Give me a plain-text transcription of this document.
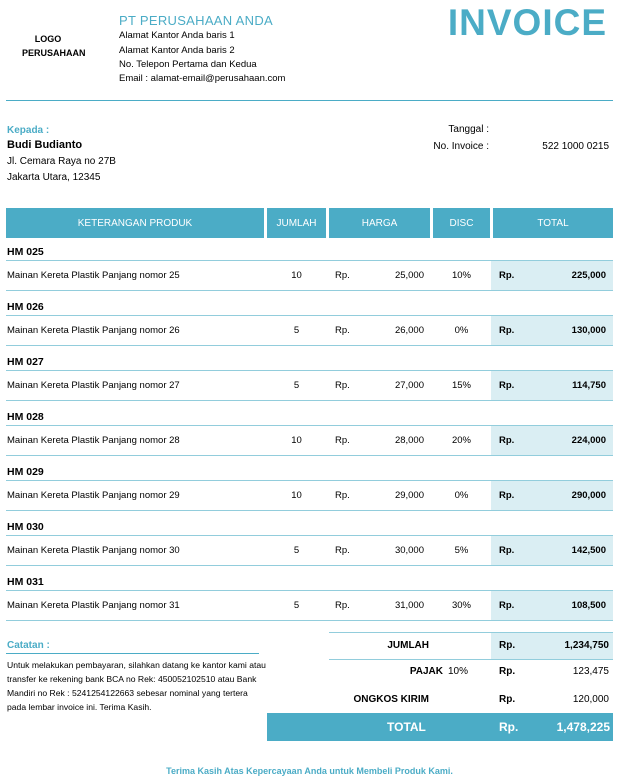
LOGO
PERUSAHAAN
PT PERUSAHAAN ANDA
Alamat Kantor Anda baris 1
Alamat Kantor Anda baris 2
No. Telepon Pertama dan Kedua
Email : alamat-email@perusahaan.com
INVOICE
Kepada :
Budi Budianto
Jl. Cemara Raya no 27B
Jakarta Utara, 12345
Tanggal :
No. Invoice :	522 1000 0215
KETERANGAN PRODUK	JUMLAH	HARGA	DISC	TOTAL
HM 025
Mainan Kereta Plastik Panjang nomor 25	10	Rp.	25,000	10%	Rp.	225,000
HM 026
Mainan Kereta Plastik Panjang nomor 26	5	Rp.	26,000	0%	Rp.	130,000
HM 027
Mainan Kereta Plastik Panjang nomor 27	5	Rp.	27,000	15%	Rp.	114,750
HM 028
Mainan Kereta Plastik Panjang nomor 28	10	Rp.	28,000	20%	Rp.	224,000
HM 029
Mainan Kereta Plastik Panjang nomor 29	10	Rp.	29,000	0%	Rp.	290,000
HM 030
Mainan Kereta Plastik Panjang nomor 30	5	Rp.	30,000	5%	Rp.	142,500
HM 031
Mainan Kereta Plastik Panjang nomor 31	5	Rp.	31,000	30%	Rp.	108,500
Catatan :
Untuk melakukan pembayaran, silahkan datang ke kantor kami atau transfer ke rekening bank BCA no Rek: 450052102510 atau Bank Mandiri no Rek : 5241254122663 sebesar nominal yang tertera pada lembar invoice ini. Terima Kasih.
JUMLAH	Rp.	1,234,750
PAJAK 10%	Rp.	123,475
ONGKOS KIRIM	Rp.	120,000
TOTAL	Rp.	1,478,225
Terima Kasih Atas Kepercayaan Anda untuk Membeli Produk Kami.
